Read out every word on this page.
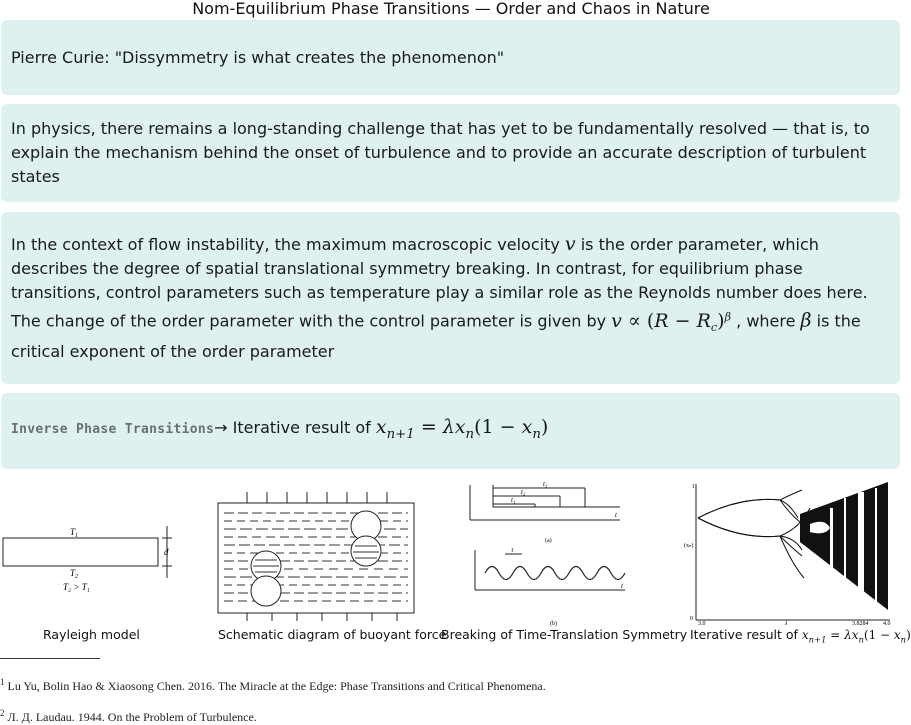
Nom-Equilibrium Phase Transitions — Order and Chaos in Nature
Pierre Curie: "Dissymmetry is what creates the phenomenon"
In physics, there remains a long-standing challenge that has yet to be fundamentally resolved — that is, to explain the mechanism behind the onset of turbulence and to provide an accurate description of turbulent states
In the context of flow instability, the maximum macroscopic velocity v is the order parameter, which describes the degree of spatial translational symmetry breaking. In contrast, for equilibrium phase transitions, control parameters such as temperature play a similar role as the Reynolds number does here. The change of the order parameter with the control parameter is given by $v \propto (R - R_c)^\beta$ , where β is the critical exponent of the order parameter
Inverse Phase Transitions→ Iterative result of $x_{n+1} = \lambda x_n(1 - x_n)$
$T_1$
$T_2$
T₂ > T₁
d
Rayleigh model	Schematic diagram of buoyant force
t₃
t₂
t₁
t
(a)
τ
t
(b)
Breaking of Time-Translation Symmetry
1
0
(xₙ)
3.0	λ	3.8284 4.0
Iterative result of $x_{n+1} = \lambda x_n(1 - x_n)$
$^1$ Lu Yu, Bolin Hao & Xiaosong Chen. 2016. The Miracle at the Edge: Phase Transitions and Critical Phenomena.
$^2$ Л. Д. Laudau. 1944. On the Problem of Turbulence.
